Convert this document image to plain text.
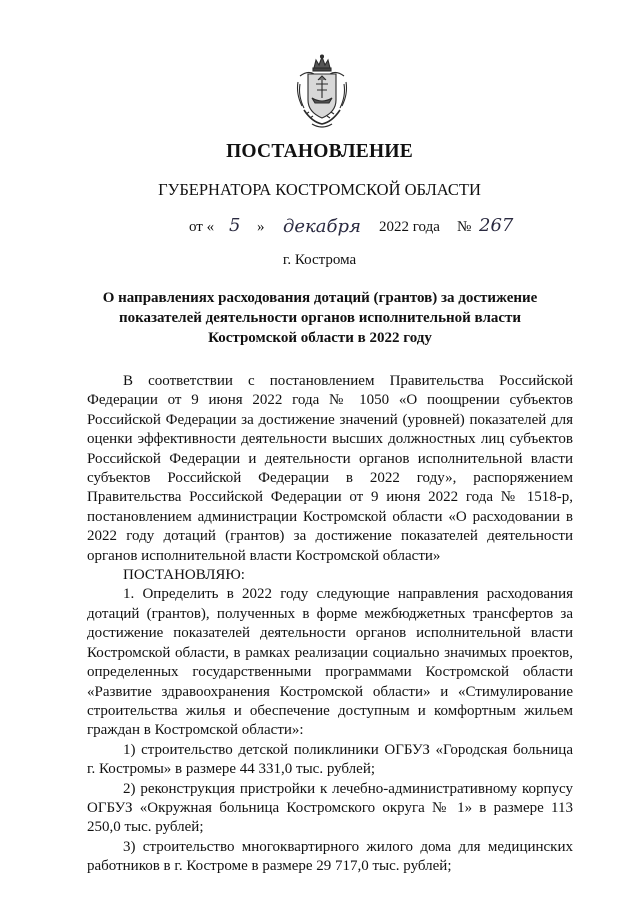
ПОСТАНОВЛЕНИЕ
ГУБЕРНАТОРА КОСТРОМСКОЙ ОБЛАСТИ
от « 5 » декабря 2022 года № 267
г. Кострома
О направлениях расходования дотаций (грантов) за достижение показателей деятельности органов исполнительной власти Костромской области в 2022 году

В соответствии с постановлением Правительства Российской Федерации от 9 июня 2022 года № 1050 «О поощрении субъектов Российской Федерации за достижение значений (уровней) показателей для оценки эффективности деятельности высших должностных лиц субъектов Российской Федерации и деятельности органов исполнительной власти субъектов Российской Федерации в 2022 году», распоряжением Правительства Российской Федерации от 9 июня 2022 года № 1518-р, постановлением администрации Костромской области «О расходовании в 2022 году дотаций (грантов) за достижение показателей деятельности органов исполнительной власти Костромской области»

ПОСТАНОВЛЯЮ:

1. Определить в 2022 году следующие направления расходования дотаций (грантов), полученных в форме межбюджетных трансфертов за достижение показателей деятельности органов исполнительной власти Костромской области, в рамках реализации социально значимых проектов, определенных государственными программами Костромской области «Развитие здравоохранения Костромской области» и «Стимулирование строительства жилья и обеспечение доступным и комфортным жильем граждан в Костромской области»:

1) строительство детской поликлиники ОГБУЗ «Городская больница г. Костромы» в размере 44 331,0 тыс. рублей;

2) реконструкция пристройки к лечебно-административному корпусу ОГБУЗ «Окружная больница Костромского округа № 1» в размере 113 250,0 тыс. рублей;

3) строительство многоквартирного жилого дома для медицинских работников в г. Костроме в размере 29 717,0 тыс. рублей;
